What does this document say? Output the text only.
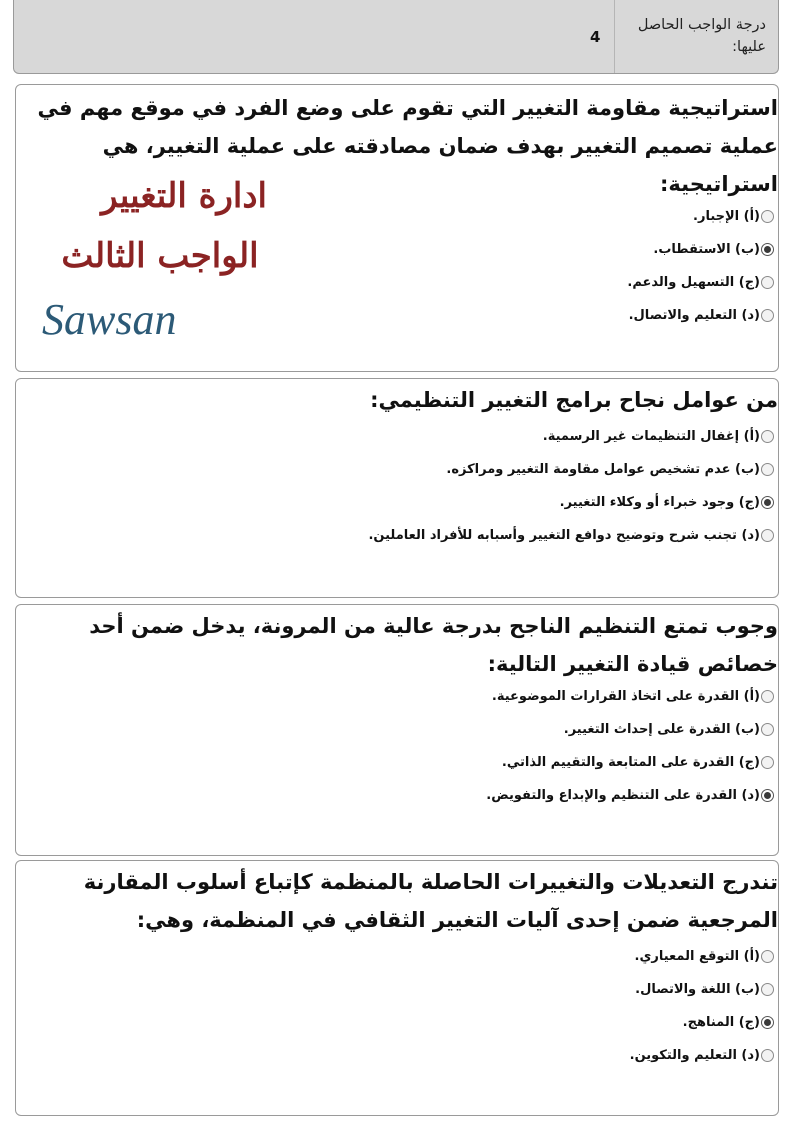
درجة الواجب الحاصل عليها:
4

استراتيجية مقاومة التغيير التي تقوم على وضع الفرد في موقع مهم في عملية تصميم التغيير بهدف ضمان مصادقته على عملية التغيير، هي استراتيجية:

(أ) الإجبار.
(ب) الاستقطاب.
(ج) التسهيل والدعم.
(د) التعليم والاتصال.
ادارة التغيير
الواجب الثالث
Sawsan

من عوامل نجاح برامج التغيير التنظيمي:

(أ) إغفال التنظيمات غير الرسمية.
(ب) عدم تشخيص عوامل مقاومة التغيير ومراكزه.
(ج) وجود خبراء أو وكلاء التغيير.
(د) تجنب شرح وتوضيح دوافع التغيير وأسبابه للأفراد العاملين.

وجوب تمتع التنظيم الناجح بدرجة عالية من المرونة، يدخل ضمن أحد خصائص قيادة التغيير التالية:

(أ) القدرة على اتخاذ القرارات الموضوعية.
(ب) القدرة على إحداث التغيير.
(ج) القدرة على المتابعة والتقييم الذاتي.
(د) القدرة على التنظيم والإبداع والتفويض.

تندرج التعديلات والتغييرات الحاصلة بالمنظمة كإتباع أسلوب المقارنة المرجعية ضمن إحدى آليات التغيير الثقافي في المنظمة، وهي:

(أ) التوقع المعياري.
(ب) اللغة والاتصال.
(ج) المناهج.
(د) التعليم والتكوين.
